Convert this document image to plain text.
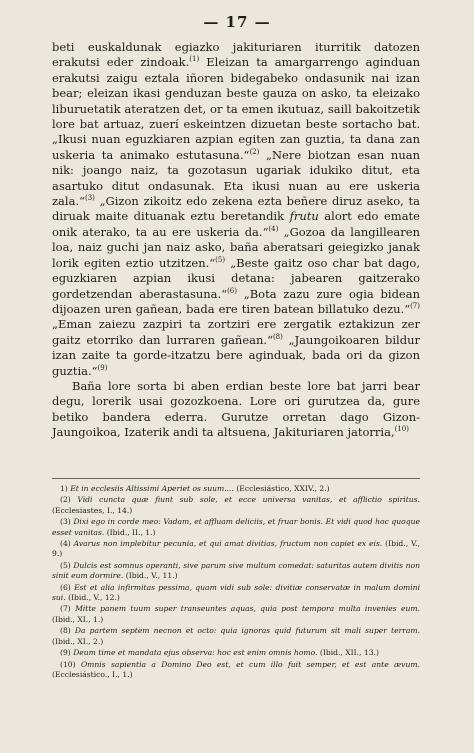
— 17 —

beti euskaldunak egiazko jakituriaren iturritik datozen erakutsi eder zindoak.$^{(1)}$ Eleizan ta amargarrengo aginduan erakutsi zaigu eztala iñoren bidegabeko ondasunik nai izan bear; eleizan ikasi genduzan beste gauza on asko, ta eleizako liburuetatik ateratzen det, or ta emen ikutuaz, saill bakoitzetik lore bat artuaz, zuerí eskeintzen dizuetan beste sortacho bat. „Ikusi nuan eguzkiaren azpian egiten zan guztia, ta dana zan uskeria ta animako estutasuna.“$^{(2)}$ „Nere biotzan esan nuan nik: joango naiz, ta gozotasun ugariak idukiko ditut, eta asartuko ditut ondasunak. Eta ikusi nuan au ere uskeria zala.“$^{(3)}$ „Gizon zikoitz edo zekena ezta beñere diruz aseko, ta diruak maite dituanak eztu beretandik frutu alort edo emate onik aterako, ta au ere uskeria da.“$^{(4)}$ „Gozoa da langillearen loa, naiz guchi jan naiz asko, baña aberatsari geiegizko janak lorik egiten eztio utzitzen.“$^{(5)}$ „Beste gaitz oso char bat dago, eguzkiaren azpian ikusi detana: jabearen gaitzerako gordetzendan aberastasuna.“$^{(6)}$ „Bota zazu zure ogia bidean dijoazen uren gañean, bada ere tiren batean billatuko dezu.“$^{(7)}$ „Eman zaiezu zazpiri ta zortziri ere zergatik eztakizun zer gaitz etorriko dan lurraren gañean.“$^{(8)}$ „Jaungoikoaren bildur izan zaite ta gorde-itzatzu bere aginduak, bada ori da gizon guztia.“$^{(9)}$

Baña lore sorta bi aben erdian beste lore bat jarri bear degu, lorerik usai gozozkoena. Lore ori gurutzea da, gure betiko bandera ederra. Gurutze orretan dago Gizon-Jaungoikoa, Izaterik andi ta altsuena, Jakituriaren jatorria,$^{(10)}$

1) Et in ecclesiis Altissimi Aperiet os suum.... (Ecclesiástico, XXIV., 2.)

(2) Vidi cuncta quæ fiunt sub sole, et ecce universa vanitas, et afflictio spiritus. (Ecclesiastes, I., 14.)

(3) Dixi ego in corde meo: Vadam, et affluam deliciis, et fruar bonis. Et vidi quod hoc quoque esset vanitas. (Ibid., II., 1.)

(4) Avarus non implebitur pecunia, et qui amat divitias, fructum non capiet ex eis. (Ibid., V., 9.)

(5) Dulcis est somnus operanti, sive parum sive multum comedat: saturitas autem divitis non sinit eum dormire. (Ibid., V., 11.)

(6) Est et alia infirmitas pessima, quam vidi sub sole: divitiæ conservatæ in malum domini sui. (Ibid., V., 12.)

(7) Mitte panem tuum super transeuntes aquas, quia post tempora multa invenies eum. (Ibid., XI., 1.)

(8) Da partem septem necnon et octo: quia ignoras quid futurum sit mali super terram. (Ibid., XI., 2.)

(9) Deum time et mandata ejus observa: hoc est enim omnis homo. (Ibid., XII., 13.)

(10) Omnis sapientia a Domino Deo est, et cum illo fuit semper, et est ante ævum. (Ecclesiástico., I., 1.)
